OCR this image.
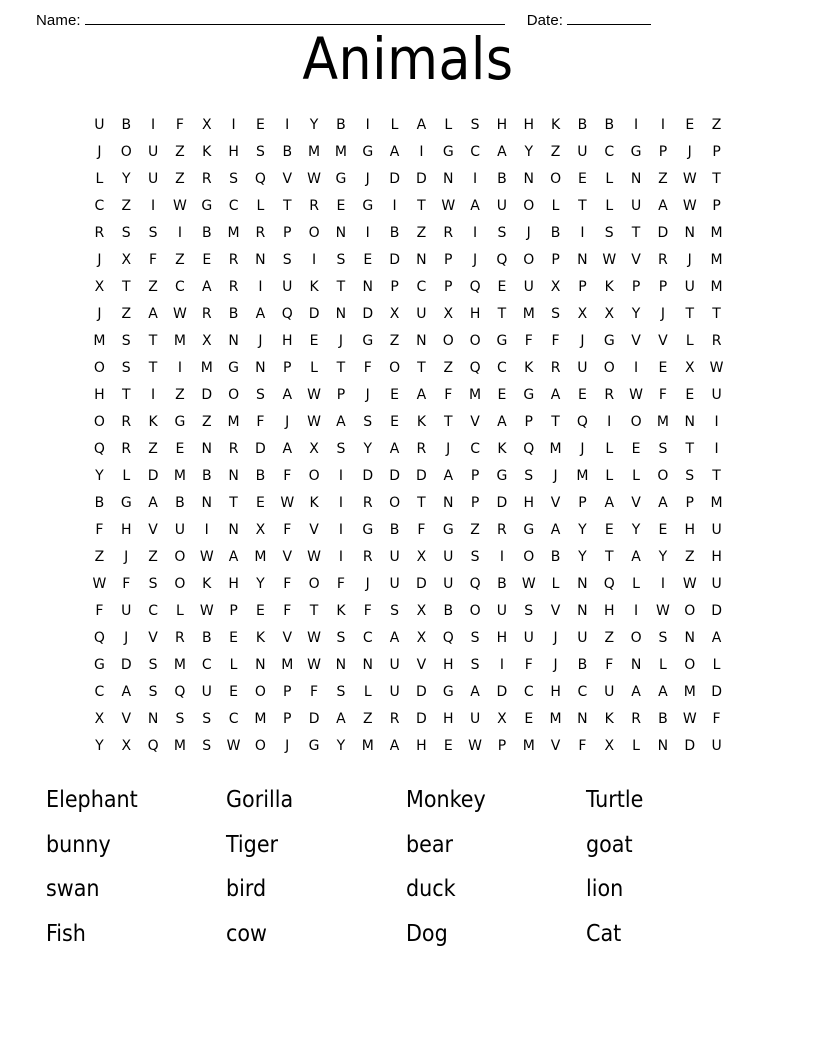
Name:	Date:
Animals
U	B	I	F	X	I	E	I	Y	B	I	L	A	L	S	H	H	K	B	B	I	I	E	Z
J	O	U	Z	K	H	S	B	M	M	G	A	I	G	C	A	Y	Z	U	C	G	P	J	P
L	Y	U	Z	R	S	Q	V	W	G	J	D	D	N	I	B	N	O	E	L	N	Z	W	T
C	Z	I	W	G	C	L	T	R	E	G	I	T	W	A	U	O	L	T	L	U	A	W	P
R	S	S	I	B	M	R	P	O	N	I	B	Z	R	I	S	J	B	I	S	T	D	N	M
J	X	F	Z	E	R	N	S	I	S	E	D	N	P	J	Q	O	P	N	W	V	R	J	M
X	T	Z	C	A	R	I	U	K	T	N	P	C	P	Q	E	U	X	P	K	P	P	U	M
J	Z	A	W	R	B	A	Q	D	N	D	X	U	X	H	T	M	S	X	X	Y	J	T	T
M	S	T	M	X	N	J	H	E	J	G	Z	N	O	O	G	F	F	J	G	V	V	L	R
O	S	T	I	M	G	N	P	L	T	F	O	T	Z	Q	C	K	R	U	O	I	E	X	W
H	T	I	Z	D	O	S	A	W	P	J	E	A	F	M	E	G	A	E	R	W	F	E	U
O	R	K	G	Z	M	F	J	W	A	S	E	K	T	V	A	P	T	Q	I	O	M	N	I
Q	R	Z	E	N	R	D	A	X	S	Y	A	R	J	C	K	Q	M	J	L	E	S	T	I
Y	L	D	M	B	N	B	F	O	I	D	D	D	A	P	G	S	J	M	L	L	O	S	T
B	G	A	B	N	T	E	W	K	I	R	O	T	N	P	D	H	V	P	A	V	A	P	M
F	H	V	U	I	N	X	F	V	I	G	B	F	G	Z	R	G	A	Y	E	Y	E	H	U
Z	J	Z	O	W	A	M	V	W	I	R	U	X	U	S	I	O	B	Y	T	A	Y	Z	H
W	F	S	O	K	H	Y	F	O	F	J	U	D	U	Q	B	W	L	N	Q	L	I	W	U
F	U	C	L	W	P	E	F	T	K	F	S	X	B	O	U	S	V	N	H	I	W	O	D
Q	J	V	R	B	E	K	V	W	S	C	A	X	Q	S	H	U	J	U	Z	O	S	N	A
G	D	S	M	C	L	N	M W	N	N	U	V	H	S	I	F	J	B	F	N	L	O	L
C	A	S	Q	U	E	O	P	F	S	L	U	D	G	A	D	C	H	C	U	A	A	M	D
X	V	N	S	S	C	M	P	D	A	Z	R	D	H	U	X	E	M	N	K	R	B	W	F
Y	X	Q	M	S	W	O	J	G	Y	M	A	H	E	W	P	M	V	F	X	L	N	D	U
Elephant	Gorilla	Monkey	Turtle
bunny	Tiger	bear	goat
swan	bird	duck	lion
Fish	cow	Dog	Cat
